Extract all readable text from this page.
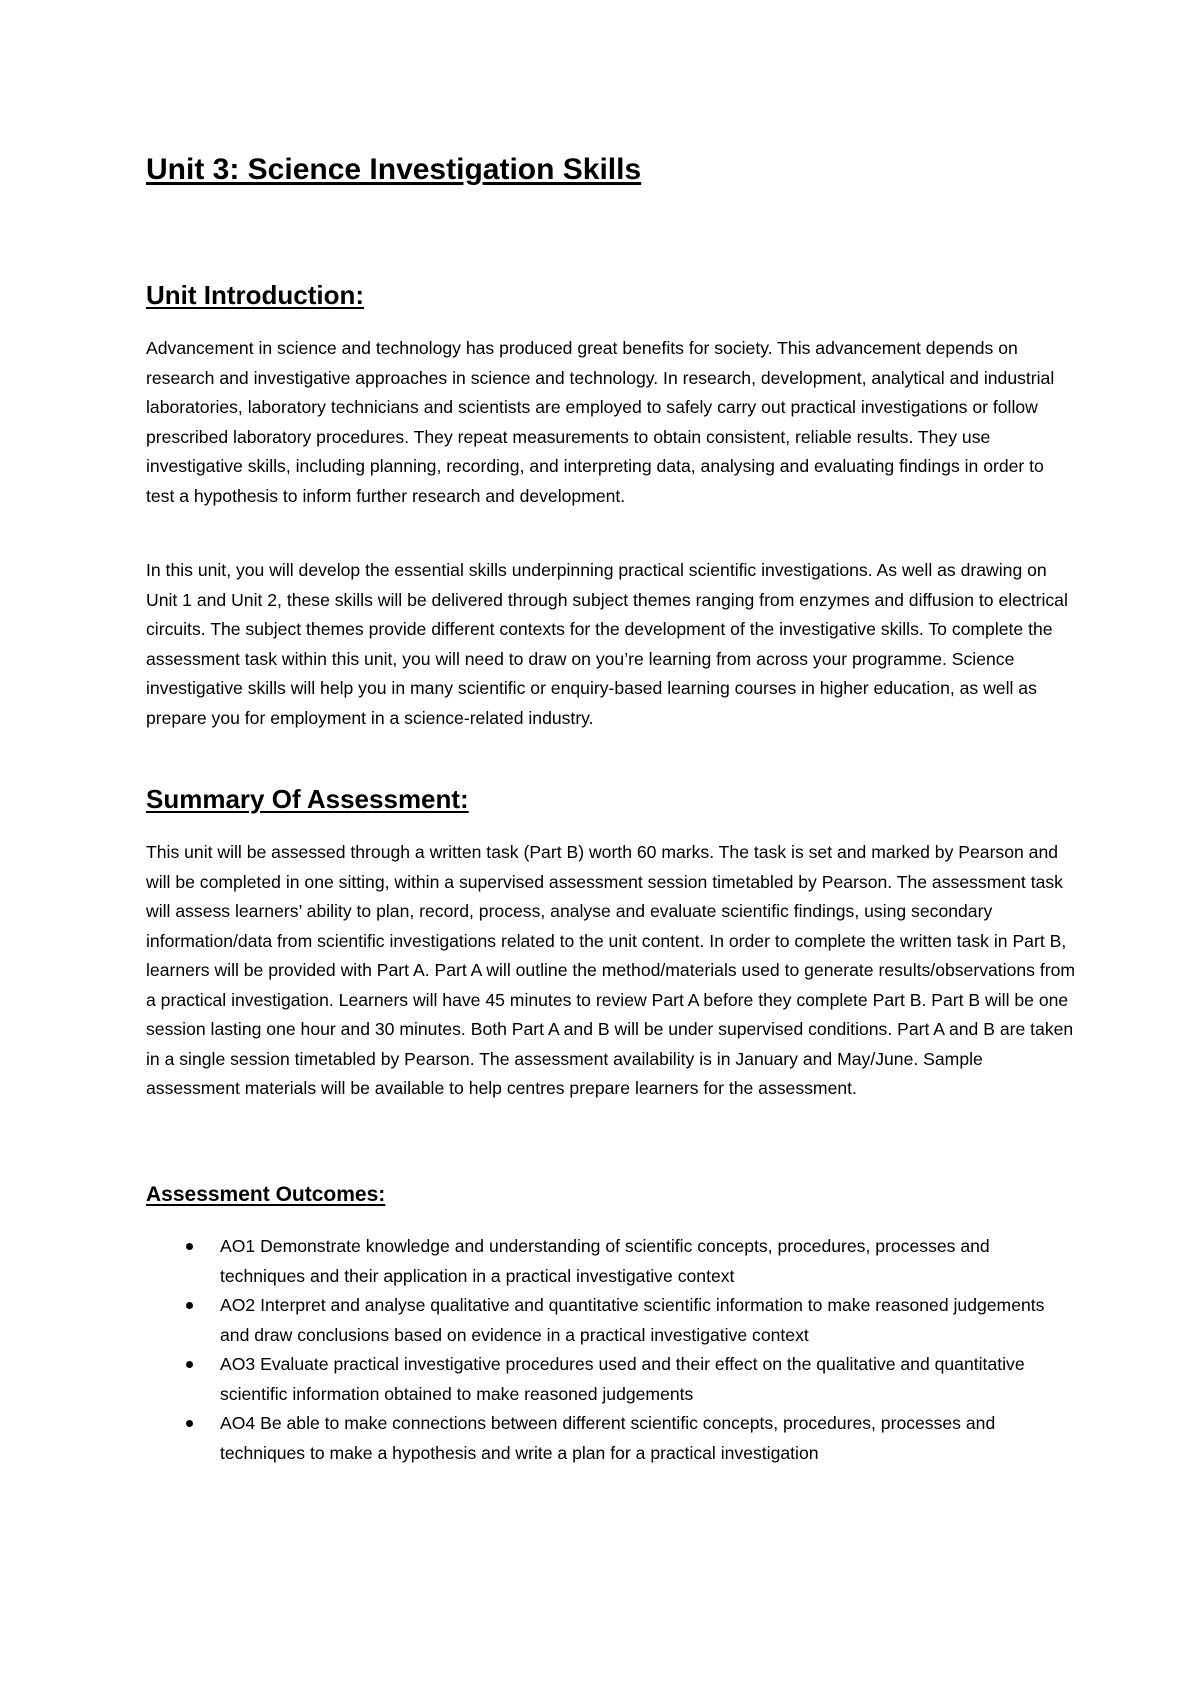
Unit 3: Science Investigation Skills
Unit Introduction:

Advancement in science and technology has produced great benefits for society. This advancement depends on research and investigative approaches in science and technology. In research, development, analytical and industrial laboratories, laboratory technicians and scientists are employed to safely carry out practical investigations or follow prescribed laboratory procedures. They repeat measurements to obtain consistent, reliable results. They use investigative skills, including planning, recording, and interpreting data, analysing and evaluating findings in order to test a hypothesis to inform further research and development.

In this unit, you will develop the essential skills underpinning practical scientific investigations. As well as drawing on Unit 1 and Unit 2, these skills will be delivered through subject themes ranging from enzymes and diffusion to electrical circuits. The subject themes provide different contexts for the development of the investigative skills. To complete the assessment task within this unit, you will need to draw on you’re learning from across your programme. Science investigative skills will help you in many scientific or enquiry-based learning courses in higher education, as well as prepare you for employment in a science-related industry.

Summary Of Assessment:

This unit will be assessed through a written task (Part B) worth 60 marks. The task is set and marked by Pearson and will be completed in one sitting, within a supervised assessment session timetabled by Pearson. The assessment task will assess learners’ ability to plan, record, process, analyse and evaluate scientific findings, using secondary information/data from scientific investigations related to the unit content. In order to complete the written task in Part B, learners will be provided with Part A. Part A will outline the method/materials used to generate results/observations from a practical investigation. Learners will have 45 minutes to review Part A before they complete Part B. Part B will be one session lasting one hour and 30 minutes. Both Part A and B will be under supervised conditions. Part A and B are taken in a single session timetabled by Pearson. The assessment availability is in January and May/June. Sample assessment materials will be available to help centres prepare learners for the assessment.

Assessment Outcomes:
AO1 Demonstrate knowledge and understanding of scientific concepts, procedures, processes and techniques and their application in a practical investigative context
AO2 Interpret and analyse qualitative and quantitative scientific information to make reasoned judgements and draw conclusions based on evidence in a practical investigative context
AO3 Evaluate practical investigative procedures used and their effect on the qualitative and quantitative scientific information obtained to make reasoned judgements
AO4 Be able to make connections between different scientific concepts, procedures, processes and techniques to make a hypothesis and write a plan for a practical investigation
